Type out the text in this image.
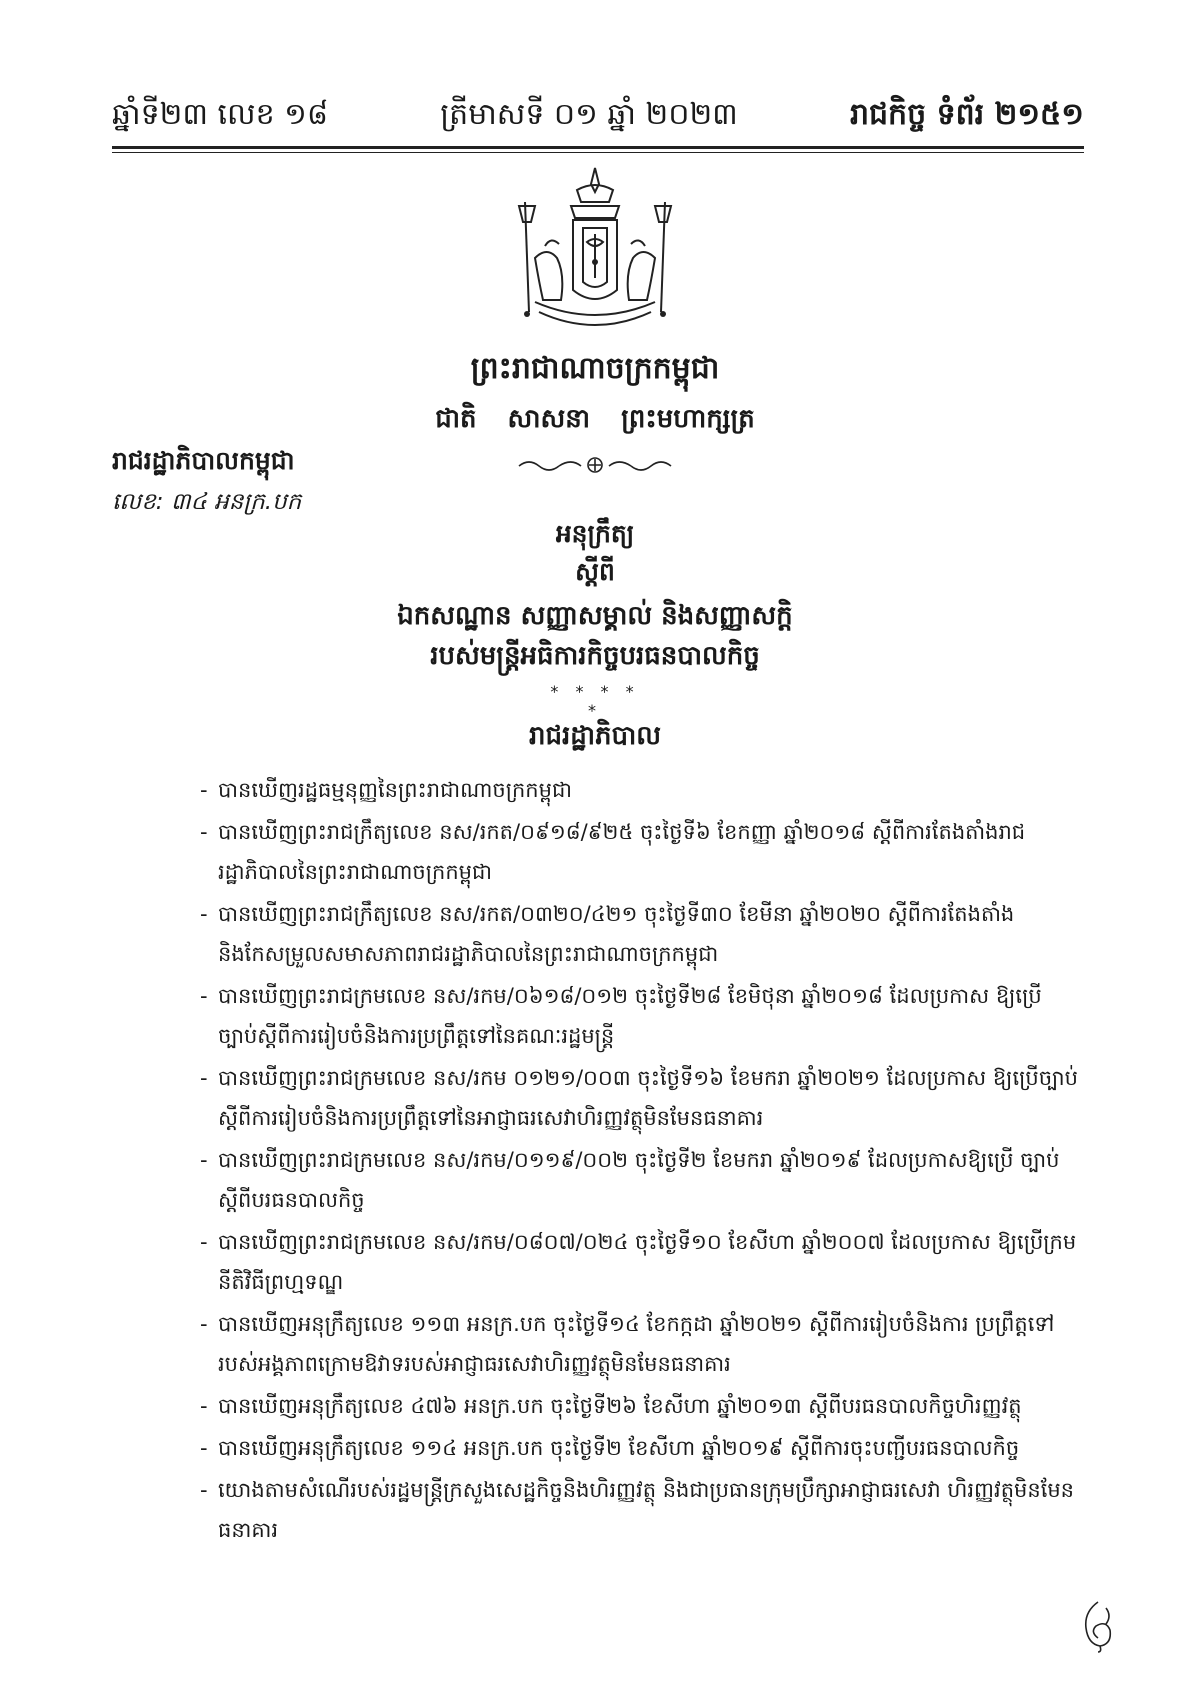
ឆ្នាំទី២៣ លេខ ១៨	ត្រីមាសទី ០១ ឆ្នាំ ២០២៣	រាជកិច្ច ទំព័រ ២១៥១
ព្រះរាជាណាចក្រកម្ពុជា
ជាតិ សាសនា ព្រះមហាក្សត្រ
រាជរដ្ឋាភិបាលកម្ពុជា
លេខ: ៣៤ អនក្រ.បក
អនុក្រឹត្យ
ស្តីពី
ឯកសណ្ឋាន សញ្ញាសម្គាល់ និងសញ្ញាសក្តិ
របស់មន្ត្រីអធិការកិច្ចបរធនបាលកិច្ច
* * * * *
រាជរដ្ឋាភិបាល
- បានឃើញរដ្ឋធម្មនុញ្ញនៃព្រះរាជាណាចក្រកម្ពុជា
- បានឃើញព្រះរាជក្រឹត្យលេខ នស/រកត/០៩១៨/៩២៥ ចុះថ្ងៃទី៦ ខែកញ្ញា ឆ្នាំ២០១៨ ស្តីពីការតែងតាំងរាជរដ្ឋាភិបាលនៃព្រះរាជាណាចក្រកម្ពុជា
- បានឃើញព្រះរាជក្រឹត្យលេខ នស/រកត/០៣២០/៤២១ ចុះថ្ងៃទី៣០ ខែមីនា ឆ្នាំ២០២០ ស្តីពីការតែងតាំង និងកែសម្រួលសមាសភាពរាជរដ្ឋាភិបាលនៃព្រះរាជាណាចក្រកម្ពុជា
- បានឃើញព្រះរាជក្រមលេខ នស/រកម/០៦១៨/០១២ ចុះថ្ងៃទី២៨ ខែមិថុនា ឆ្នាំ២០១៨ ដែលប្រកាស ឱ្យប្រើច្បាប់ស្តីពីការរៀបចំនិងការប្រព្រឹត្តទៅនៃគណៈរដ្ឋមន្ត្រី
- បានឃើញព្រះរាជក្រមលេខ នស/រកម ០១២១/០០៣ ចុះថ្ងៃទី១៦ ខែមករា ឆ្នាំ២០២១ ដែលប្រកាស ឱ្យប្រើច្បាប់ស្តីពីការរៀបចំនិងការប្រព្រឹត្តទៅនៃអាជ្ញាធរសេវាហិរញ្ញវត្ថុមិនមែនធនាគារ
- បានឃើញព្រះរាជក្រមលេខ នស/រកម/០១១៩/០០២ ចុះថ្ងៃទី២ ខែមករា ឆ្នាំ២០១៩ ដែលប្រកាសឱ្យប្រើ ច្បាប់ស្តីពីបរធនបាលកិច្ច
- បានឃើញព្រះរាជក្រមលេខ នស/រកម/០៨០៧/០២៤ ចុះថ្ងៃទី១០ ខែសីហា ឆ្នាំ២០០៧ ដែលប្រកាស ឱ្យប្រើក្រមនីតិវិធីព្រហ្មទណ្ឌ
- បានឃើញអនុក្រឹត្យលេខ ១១៣ អនក្រ.បក ចុះថ្ងៃទី១៤ ខែកក្កដា ឆ្នាំ២០២១ ស្តីពីការរៀបចំនិងការ ប្រព្រឹត្តទៅរបស់អង្គភាពក្រោមឱវាទរបស់អាជ្ញាធរសេវាហិរញ្ញវត្ថុមិនមែនធនាគារ
- បានឃើញអនុក្រឹត្យលេខ ៤៧៦ អនក្រ.បក ចុះថ្ងៃទី២៦ ខែសីហា ឆ្នាំ២០១៣ ស្តីពីបរធនបាលកិច្ចហិរញ្ញវត្ថុ
- បានឃើញអនុក្រឹត្យលេខ ១១៤ អនក្រ.បក ចុះថ្ងៃទី២ ខែសីហា ឆ្នាំ២០១៩ ស្តីពីការចុះបញ្ជីបរធនបាលកិច្ច
- យោងតាមសំណើរបស់រដ្ឋមន្ត្រីក្រសួងសេដ្ឋកិច្ចនិងហិរញ្ញវត្ថុ និងជាប្រធានក្រុមប្រឹក្សាអាជ្ញាធរសេវា ហិរញ្ញវត្ថុមិនមែនធនាគារ
